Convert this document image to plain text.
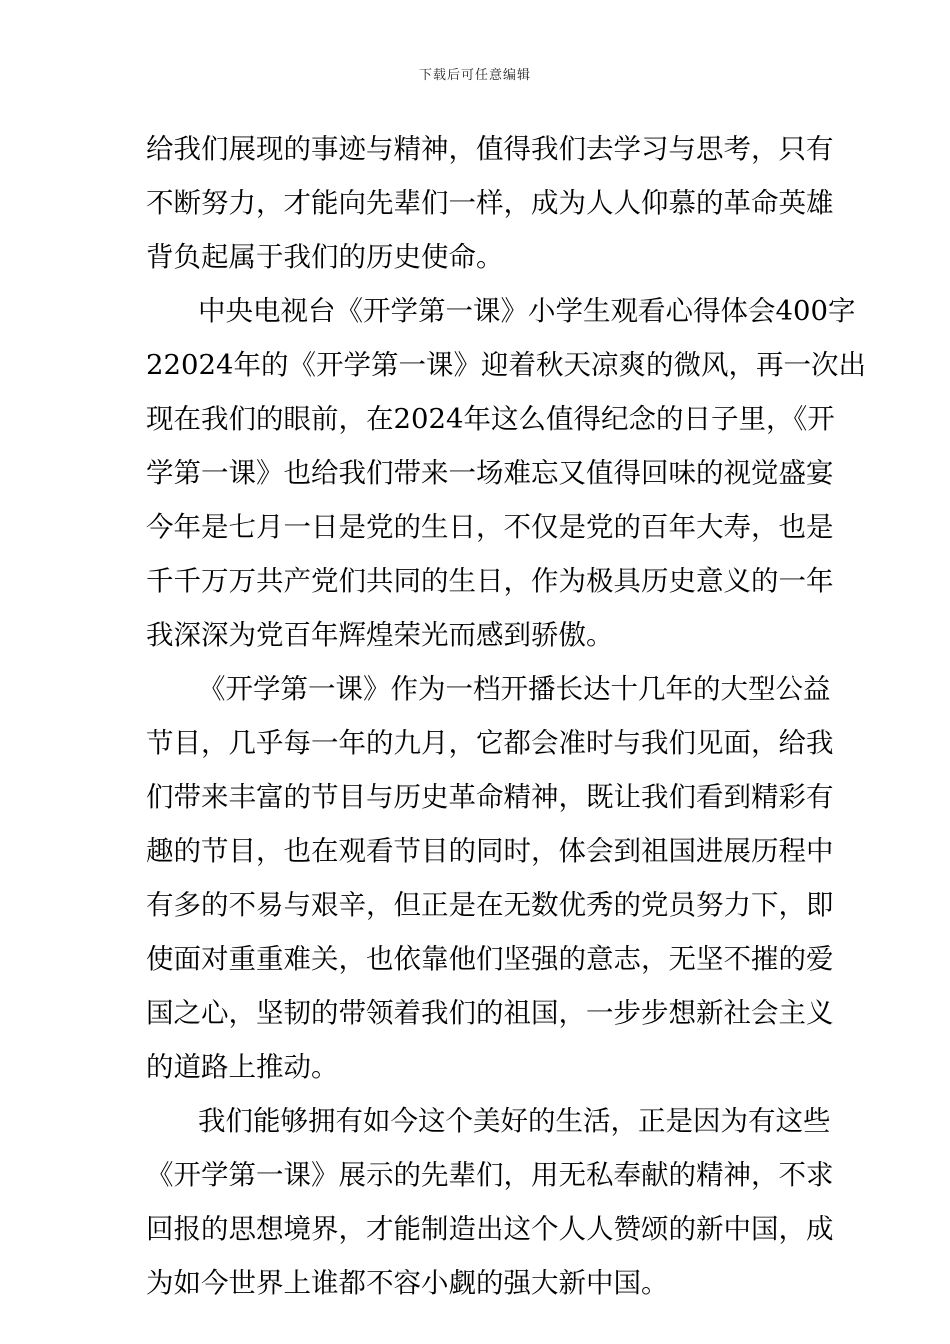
下载后可任意编辑
给我们展现的事迹与精神，值得我们去学习与思考，只有
不断努力，才能向先辈们一样，成为人人仰慕的革命英雄
背负起属于我们的历史使命。
中央电视台《开学第一课》小学生观看心得体会400字
22024年的《开学第一课》迎着秋天凉爽的微风，再一次出
现在我们的眼前，在2024年这么值得纪念的日子里，《开
学第一课》也给我们带来一场难忘又值得回味的视觉盛宴
今年是七月一日是党的生日，不仅是党的百年大寿，也是
千千万万共产党们共同的生日，作为极具历史意义的一年
我深深为党百年辉煌荣光而感到骄傲。
《开学第一课》作为一档开播长达十几年的大型公益
节目，几乎每一年的九月，它都会准时与我们见面，给我
们带来丰富的节目与历史革命精神，既让我们看到精彩有
趣的节目，也在观看节目的同时，体会到祖国进展历程中
有多的不易与艰辛，但正是在无数优秀的党员努力下，即
使面对重重难关，也依靠他们坚强的意志，无坚不摧的爱
国之心，坚韧的带领着我们的祖国，一步步想新社会主义
的道路上推动。
我们能够拥有如今这个美好的生活，正是因为有这些
《开学第一课》展示的先辈们，用无私奉献的精神，不求
回报的思想境界，才能制造出这个人人赞颂的新中国，成
为如今世界上谁都不容小觑的强大新中国。
